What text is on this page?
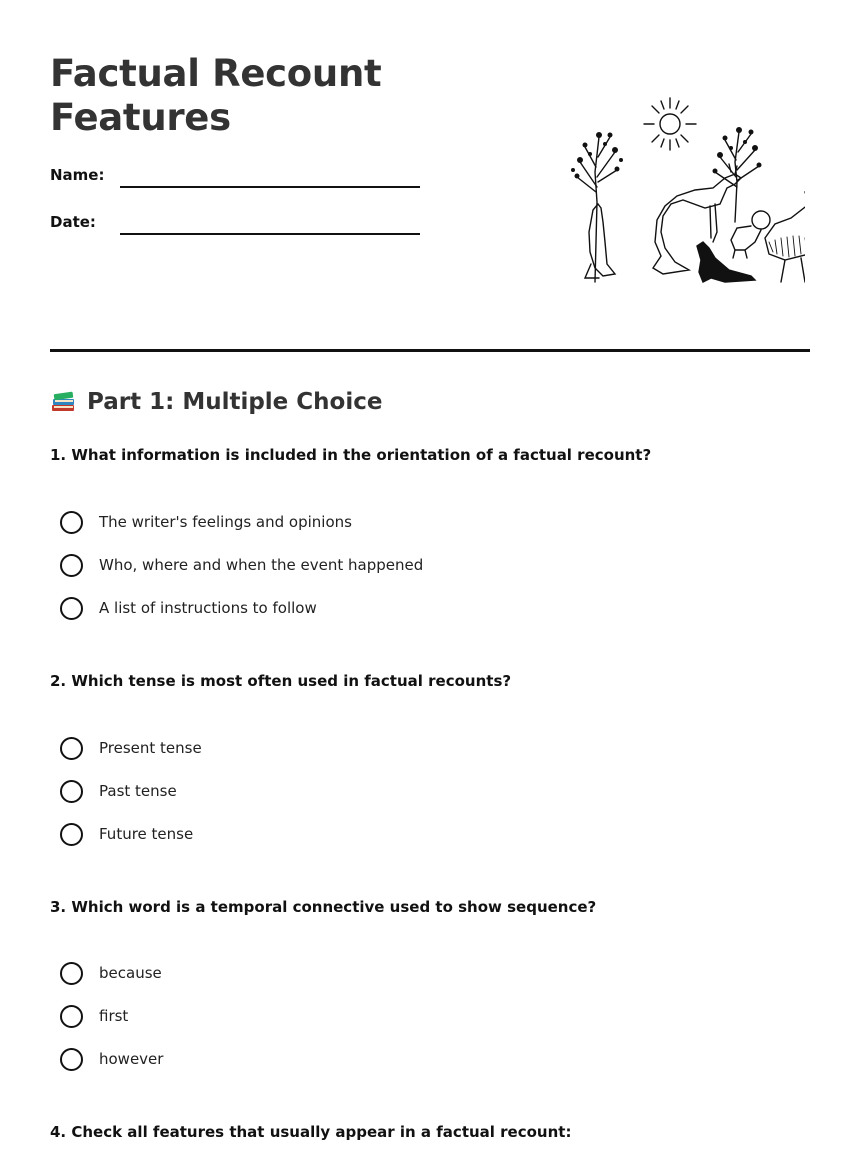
Factual Recount
Features
Name:
Date:
Part 1: Multiple Choice

1. What information is included in the orientation of a factual recount?

The writer's feelings and opinions
Who, where and when the event happened
A list of instructions to follow

2. Which tense is most often used in factual recounts?

Present tense
Past tense
Future tense

3. Which word is a temporal connective used to show sequence?

because
first
however

4. Check all features that usually appear in a factual recount:
